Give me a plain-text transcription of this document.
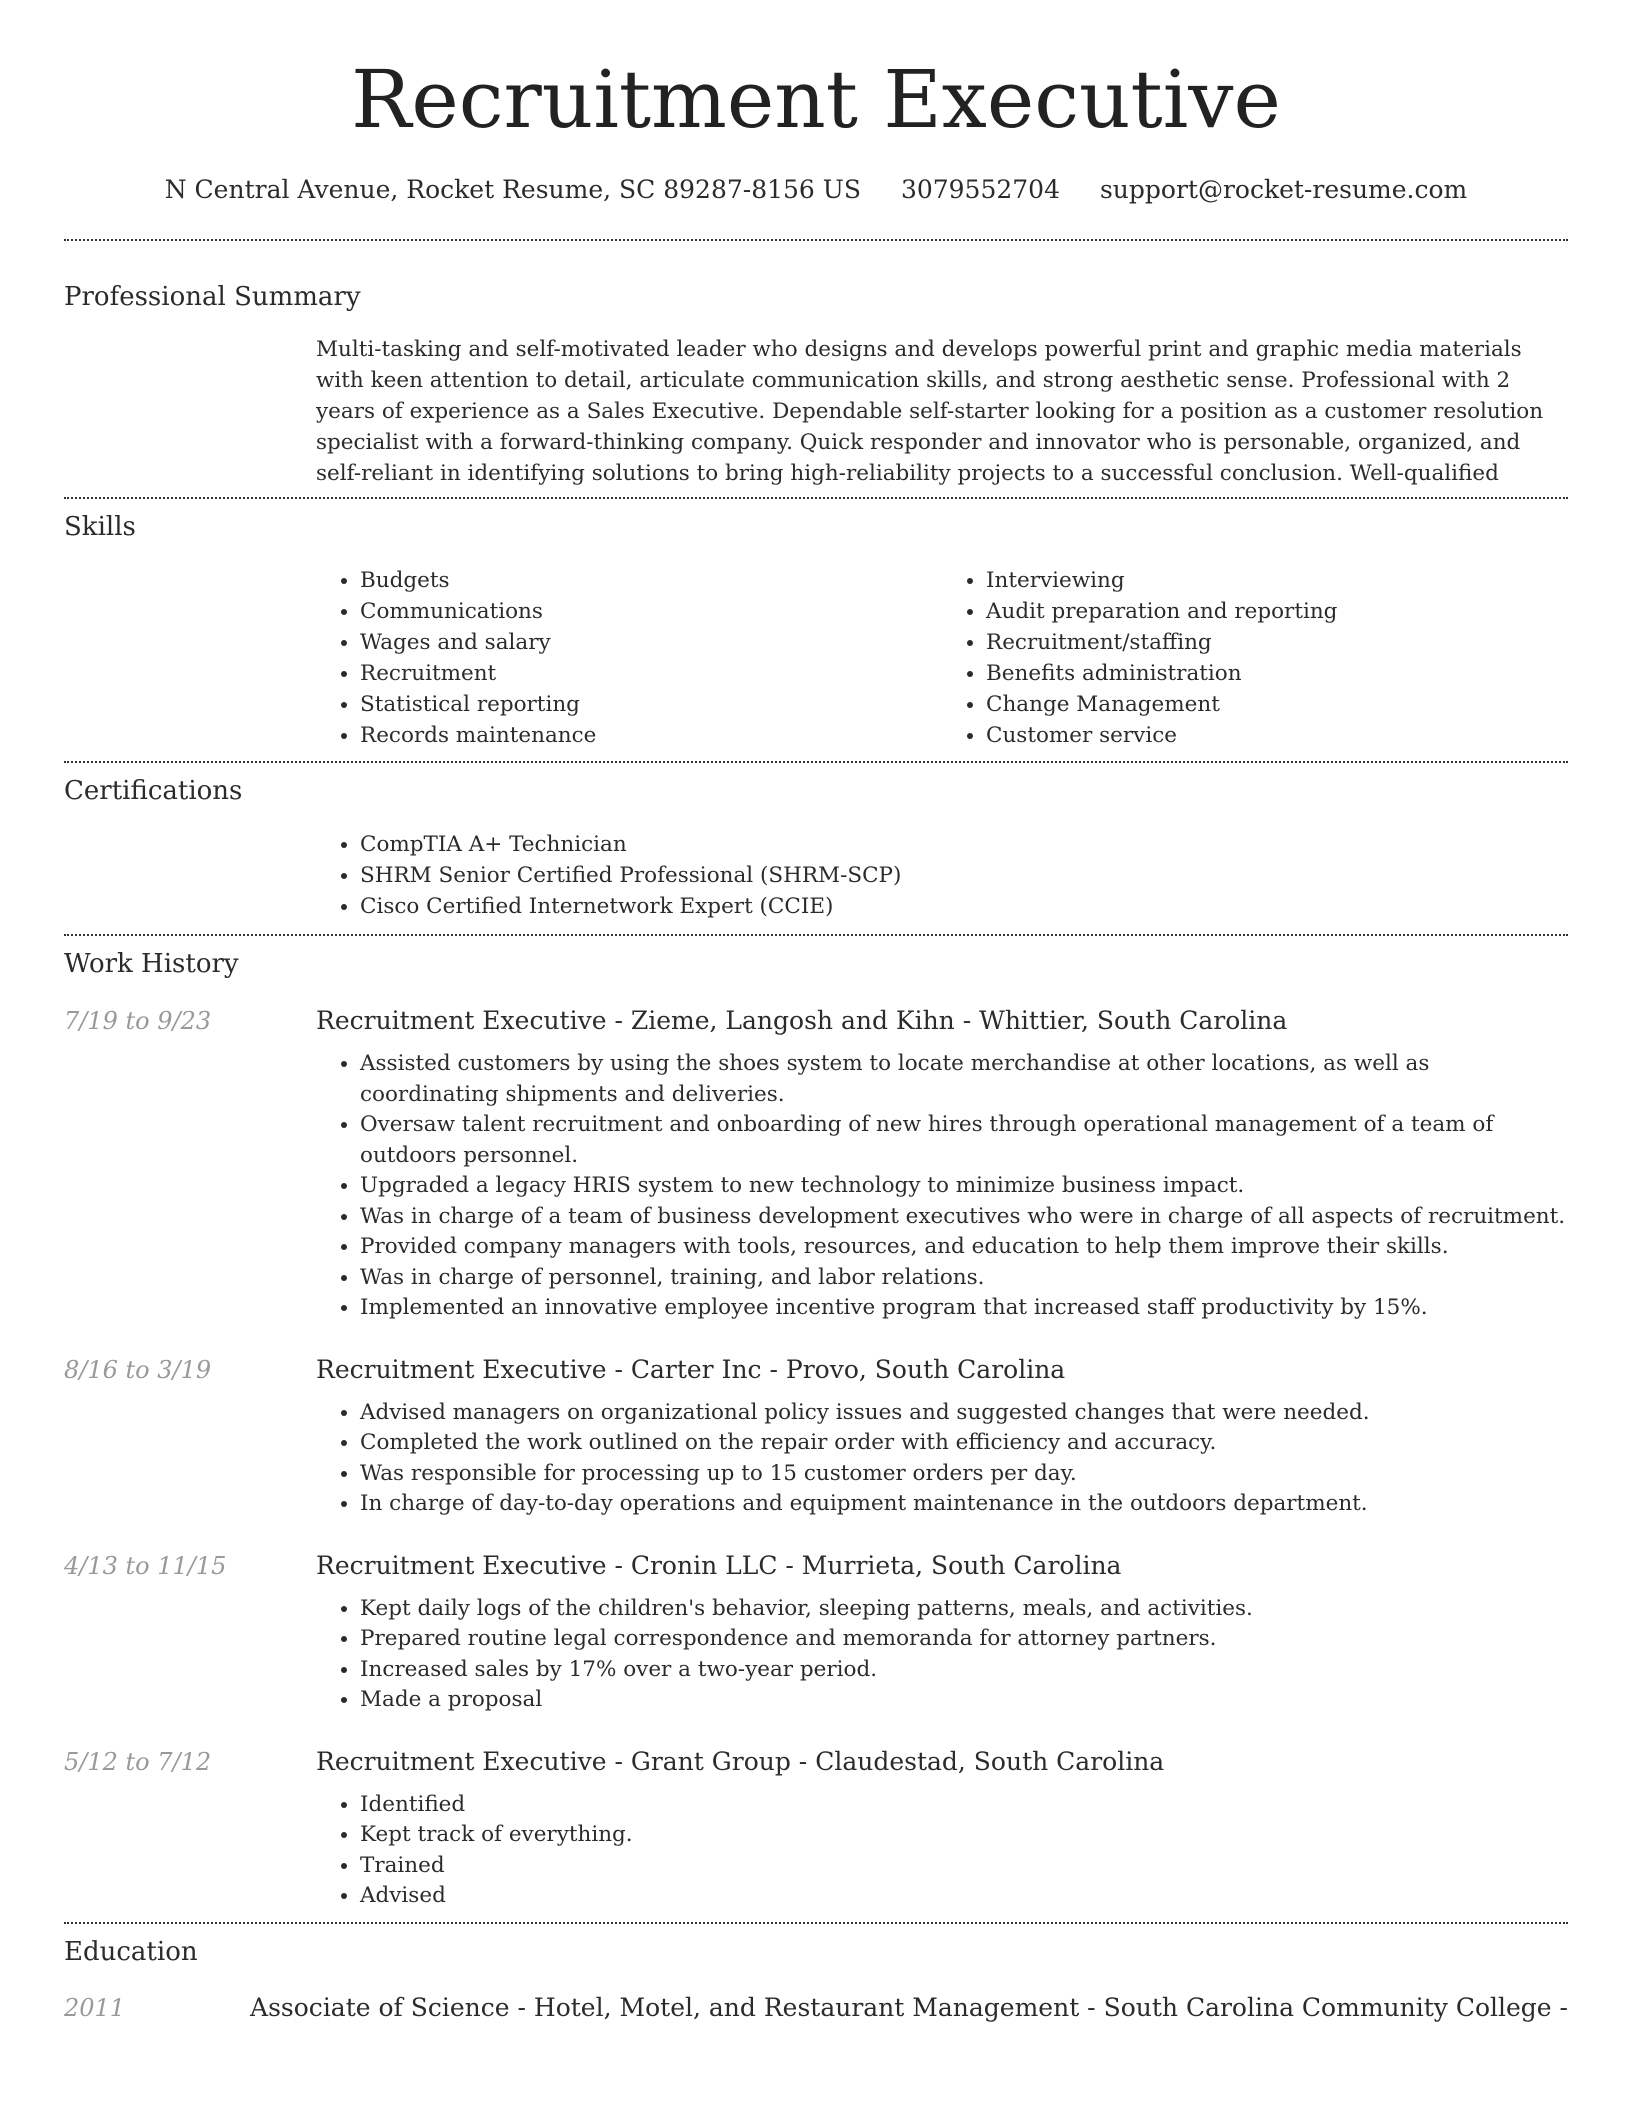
Recruitment Executive
N Central Avenue, Rocket Resume, SC 89287-8156 US 3079552704 support@rocket-resume.com
Professional Summary
Multi-tasking and self-motivated leader who designs and develops powerful print and graphic media materials with keen attention to detail, articulate communication skills, and strong aesthetic sense. Professional with 2 years of experience as a Sales Executive. Dependable self-starter looking for a position as a customer resolution specialist with a forward-thinking company. Quick responder and innovator who is personable, organized, and self-reliant in identifying solutions to bring high-reliability projects to a successful conclusion. Well-qualified
Skills
• Budgets
• Communications
• Wages and salary
• Recruitment
• Statistical reporting
• Records maintenance
• Interviewing
• Audit preparation and reporting
• Recruitment/staffing
• Benefits administration
• Change Management
• Customer service
Certifications
• CompTIA A+ Technician
• SHRM Senior Certified Professional (SHRM-SCP)
• Cisco Certified Internetwork Expert (CCIE)
Work History
7/19 to 9/23	Recruitment Executive - Zieme, Langosh and Kihn - Whittier, South Carolina
• Assisted customers by using the shoes system to locate merchandise at other locations, as well as coordinating shipments and deliveries.
• Oversaw talent recruitment and onboarding of new hires through operational management of a team of outdoors personnel.
• Upgraded a legacy HRIS system to new technology to minimize business impact.
• Was in charge of a team of business development executives who were in charge of all aspects of recruitment.
• Provided company managers with tools, resources, and education to help them improve their skills.
• Was in charge of personnel, training, and labor relations.
• Implemented an innovative employee incentive program that increased staff productivity by 15%.
8/16 to 3/19	Recruitment Executive - Carter Inc - Provo, South Carolina
• Advised managers on organizational policy issues and suggested changes that were needed.
• Completed the work outlined on the repair order with efficiency and accuracy.
• Was responsible for processing up to 15 customer orders per day.
• In charge of day-to-day operations and equipment maintenance in the outdoors department.
4/13 to 11/15	Recruitment Executive - Cronin LLC - Murrieta, South Carolina
• Kept daily logs of the children's behavior, sleeping patterns, meals, and activities.
• Prepared routine legal correspondence and memoranda for attorney partners.
• Increased sales by 17% over a two-year period.
• Made a proposal
5/12 to 7/12	Recruitment Executive - Grant Group - Claudestad, South Carolina
• Identified
• Kept track of everything.
• Trained
• Advised
Education
2011	Associate of Science - Hotel, Motel, and Restaurant Management - South Carolina Community College -
